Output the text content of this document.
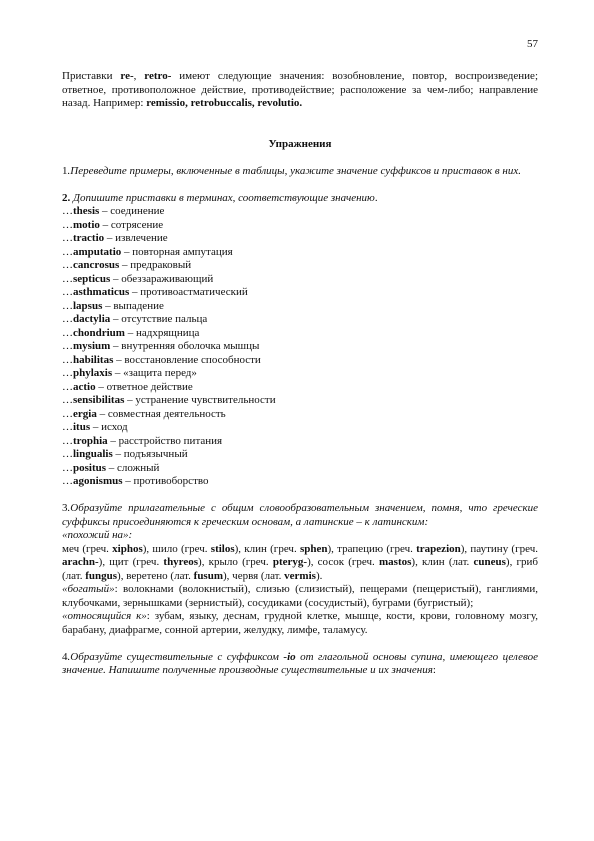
57

Приставки re-, retro- имеют следующие значения: возобновление, повтор, воспроизведение; ответное, противоположное действие, противодействие; расположение за чем-либо; направление назад. Например: remissio, retrobuccalis, revolutio.

Упражнения

1.Переведите примеры, включенные в таблицы, укажите значение суффиксов и приставок в них.

2. Допишите приставки в терминах, соответствующие значению.

…thesis – соединение
…motio – сотрясение
…tractio – извлечение
…amputatio – повторная ампутация
…cancrosus – предраковый
…septicus – обеззараживающий
…asthmaticus – противоастматический
…lapsus – выпадение
…dactylia – отсутствие пальца
…chondrium – надхрящница
…mysium – внутренняя оболочка мышцы
…habilitas – восстановление способности
…phylaxis – «защита перед»
…actio – ответное действие
…sensibilitas – устранение чувствительности
…ergia – совместная деятельность
…itus – исход
…trophia – расстройство питания
…lingualis – подъязычный
…positus – сложный
…agonismus – противоборство

3.Образуйте прилагательные с общим словообразовательным значением, помня, что греческие суффиксы присоединяются к греческим основам, а латинские – к латинским:

«похожий на»:

меч (греч. xiphos), шило (греч. stilos), клин (греч. sphen), трапецию (греч. trapezion), паутину (греч. arachn-), щит (греч. thyreos), крыло (греч. pteryg-), сосок (греч. mastos), клин (лат. cuneus), гриб (лат. fungus), веретено (лат. fusum), червя (лат. vermis).

«богатый»: волокнами (волокнистый), слизью (слизистый), пещерами (пещеристый), ганглиями, клубочками, зернышками (зернистый), сосудиками (сосудистый), буграми (бугристый);

«относящийся к»: зубам, языку, деснам, грудной клетке, мышце, кости, крови, головному мозгу, барабану, диафрагме, сонной артерии, желудку, лимфе, таламусу.

4.Образуйте существительные с суффиксом -io от глагольной основы супина, имеющего целевое значение. Напишите полученные производные существительные и их значения:
